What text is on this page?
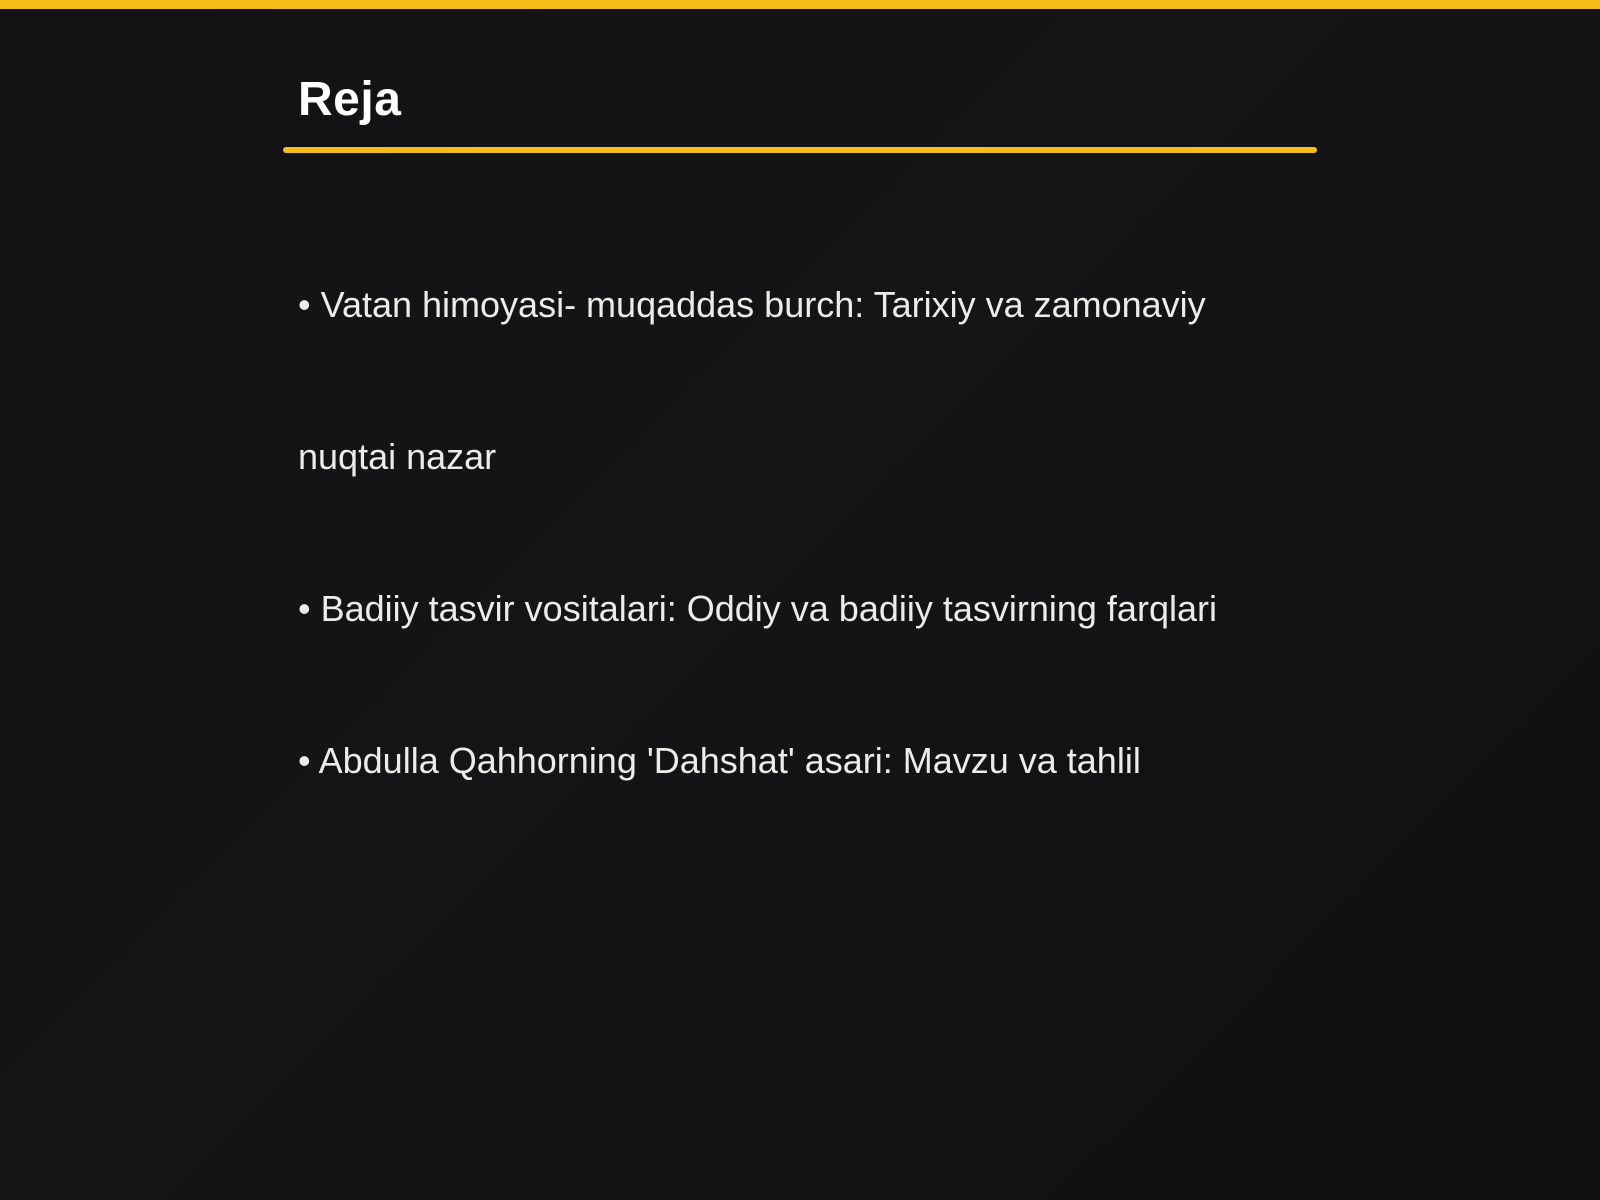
Reja

• Vatan himoyasi- muqaddas burch: Tarixiy va zamonaviy

nuqtai nazar

• Badiiy tasvir vositalari: Oddiy va badiiy tasvirning farqlari

• Abdulla Qahhorning 'Dahshat' asari: Mavzu va tahlil
